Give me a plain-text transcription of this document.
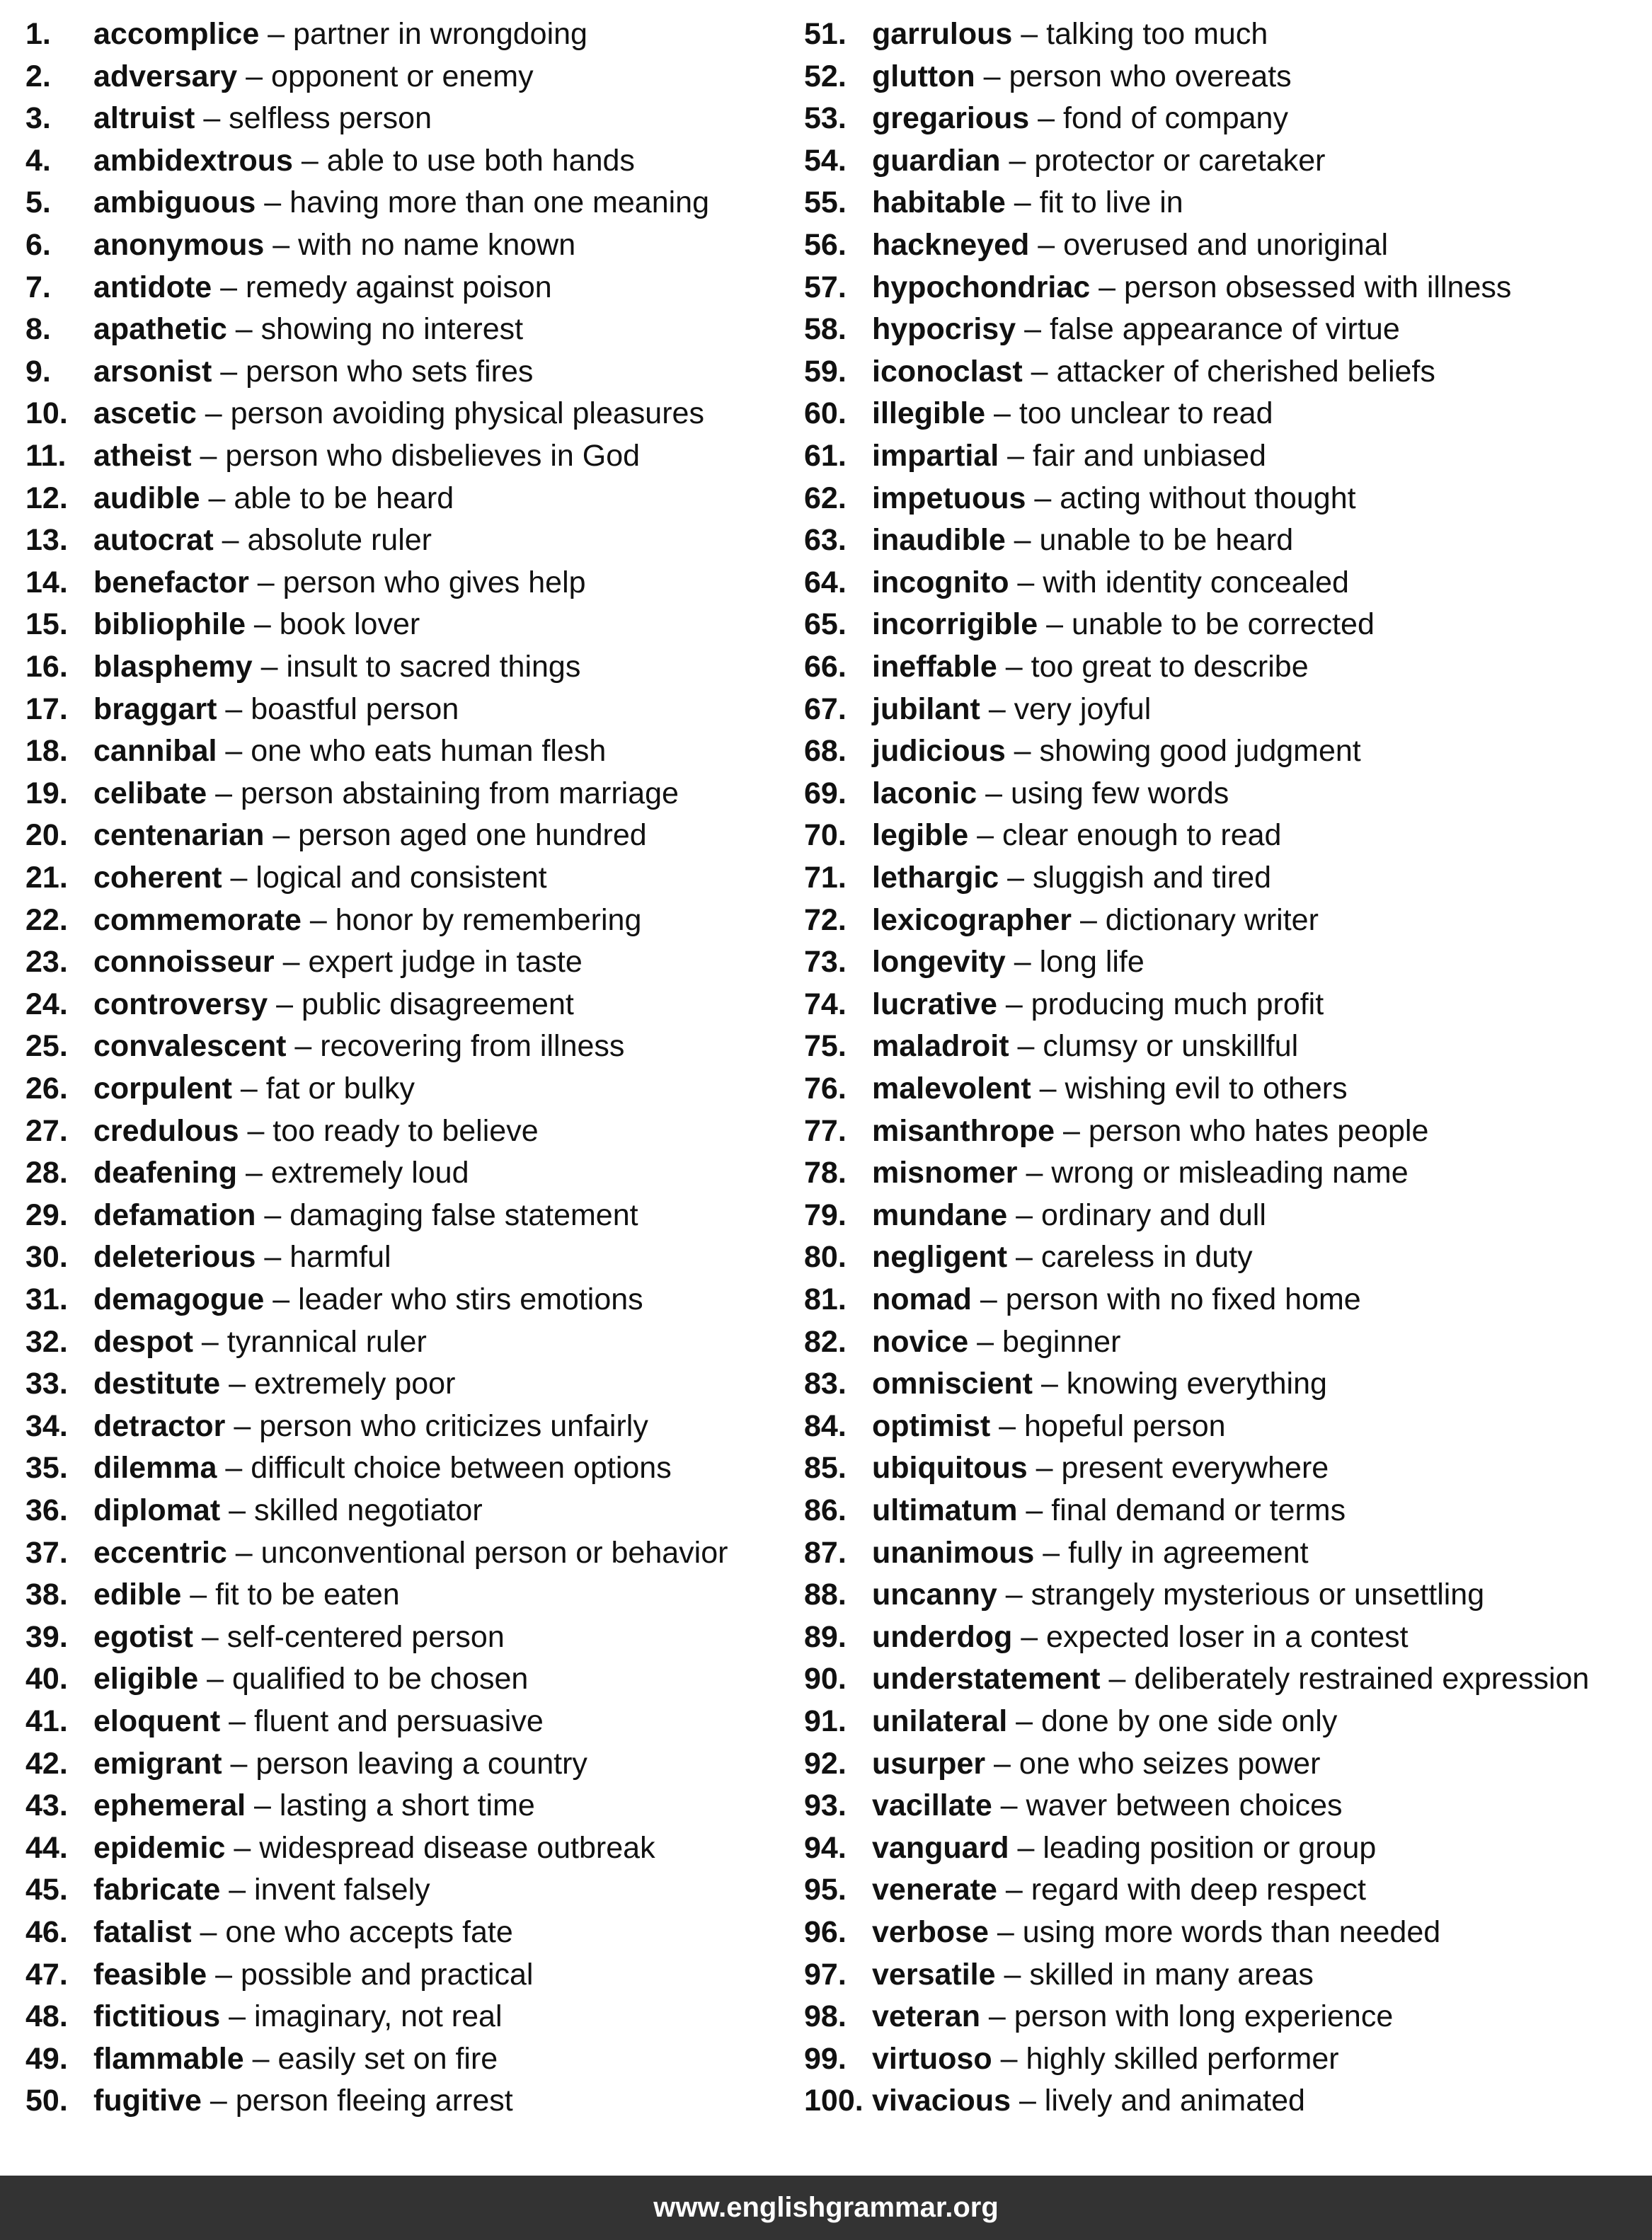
1. accomplice – partner in wrongdoing
2. adversary – opponent or enemy
3. altruist – selfless person
4. ambidextrous – able to use both hands
5. ambiguous – having more than one meaning
6. anonymous – with no name known
7. antidote – remedy against poison
8. apathetic – showing no interest
9. arsonist – person who sets fires
10. ascetic – person avoiding physical pleasures
11. atheist – person who disbelieves in God
12. audible – able to be heard
13. autocrat – absolute ruler
14. benefactor – person who gives help
15. bibliophile – book lover
16. blasphemy – insult to sacred things
17. braggart – boastful person
18. cannibal – one who eats human flesh
19. celibate – person abstaining from marriage
20. centenarian – person aged one hundred
21. coherent – logical and consistent
22. commemorate – honor by remembering
23. connoisseur – expert judge in taste
24. controversy – public disagreement
25. convalescent – recovering from illness
26. corpulent – fat or bulky
27. credulous – too ready to believe
28. deafening – extremely loud
29. defamation – damaging false statement
30. deleterious – harmful
31. demagogue – leader who stirs emotions
32. despot – tyrannical ruler
33. destitute – extremely poor
34. detractor – person who criticizes unfairly
35. dilemma – difficult choice between options
36. diplomat – skilled negotiator
37. eccentric – unconventional person or behavior
38. edible – fit to be eaten
39. egotist – self-centered person
40. eligible – qualified to be chosen
41. eloquent – fluent and persuasive
42. emigrant – person leaving a country
43. ephemeral – lasting a short time
44. epidemic – widespread disease outbreak
45. fabricate – invent falsely
46. fatalist – one who accepts fate
47. feasible – possible and practical
48. fictitious – imaginary, not real
49. flammable – easily set on fire
50. fugitive – person fleeing arrest
51. garrulous – talking too much
52. glutton – person who overeats
53. gregarious – fond of company
54. guardian – protector or caretaker
55. habitable – fit to live in
56. hackneyed – overused and unoriginal
57. hypochondriac – person obsessed with illness
58. hypocrisy – false appearance of virtue
59. iconoclast – attacker of cherished beliefs
60. illegible – too unclear to read
61. impartial – fair and unbiased
62. impetuous – acting without thought
63. inaudible – unable to be heard
64. incognito – with identity concealed
65. incorrigible – unable to be corrected
66. ineffable – too great to describe
67. jubilant – very joyful
68. judicious – showing good judgment
69. laconic – using few words
70. legible – clear enough to read
71. lethargic – sluggish and tired
72. lexicographer – dictionary writer
73. longevity – long life
74. lucrative – producing much profit
75. maladroit – clumsy or unskillful
76. malevolent – wishing evil to others
77. misanthrope – person who hates people
78. misnomer – wrong or misleading name
79. mundane – ordinary and dull
80. negligent – careless in duty
81. nomad – person with no fixed home
82. novice – beginner
83. omniscient – knowing everything
84. optimist – hopeful person
85. ubiquitous – present everywhere
86. ultimatum – final demand or terms
87. unanimous – fully in agreement
88. uncanny – strangely mysterious or unsettling
89. underdog – expected loser in a contest
90. understatement – deliberately restrained expression
91. unilateral – done by one side only
92. usurper – one who seizes power
93. vacillate – waver between choices
94. vanguard – leading position or group
95. venerate – regard with deep respect
96. verbose – using more words than needed
97. versatile – skilled in many areas
98. veteran – person with long experience
99. virtuoso – highly skilled performer
100. vivacious – lively and animated
www.englishgrammar.org
